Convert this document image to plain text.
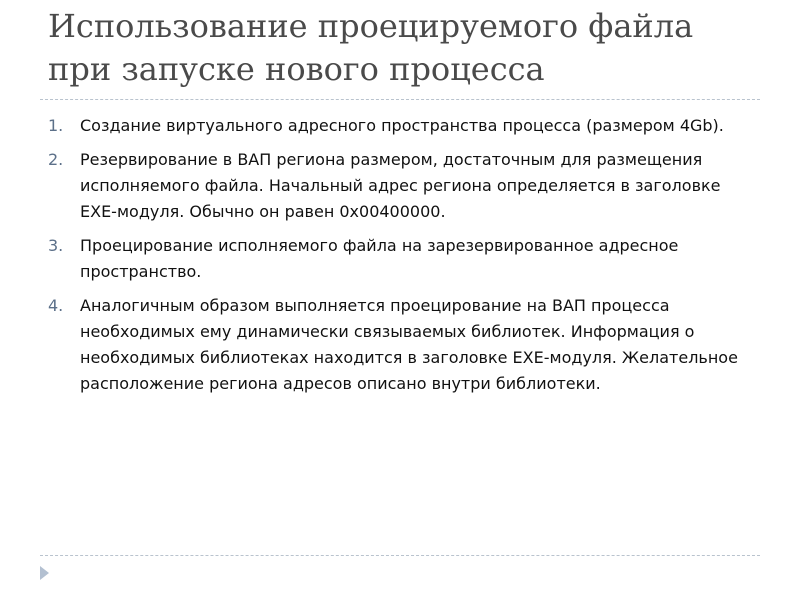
Использование проецируемого файла
при запуске нового процесса
1.	Создание виртуального адресного пространства процесса (размером 4Gb).
2.	Резервирование в ВАП региона размером, достаточным для размещения исполняемого файла. Начальный адрес региона определяется в заголовке EXE-модуля. Обычно он равен 0x00400000.
3.	Проецирование исполняемого файла на зарезервированное адресное пространство.
4.	Аналогичным образом выполняется проецирование на ВАП процесса необходимых ему динамически связываемых библиотек. Информация о необходимых библиотеках находится в заголовке EXE-модуля. Желательное расположение региона адресов описано внутри библиотеки.
